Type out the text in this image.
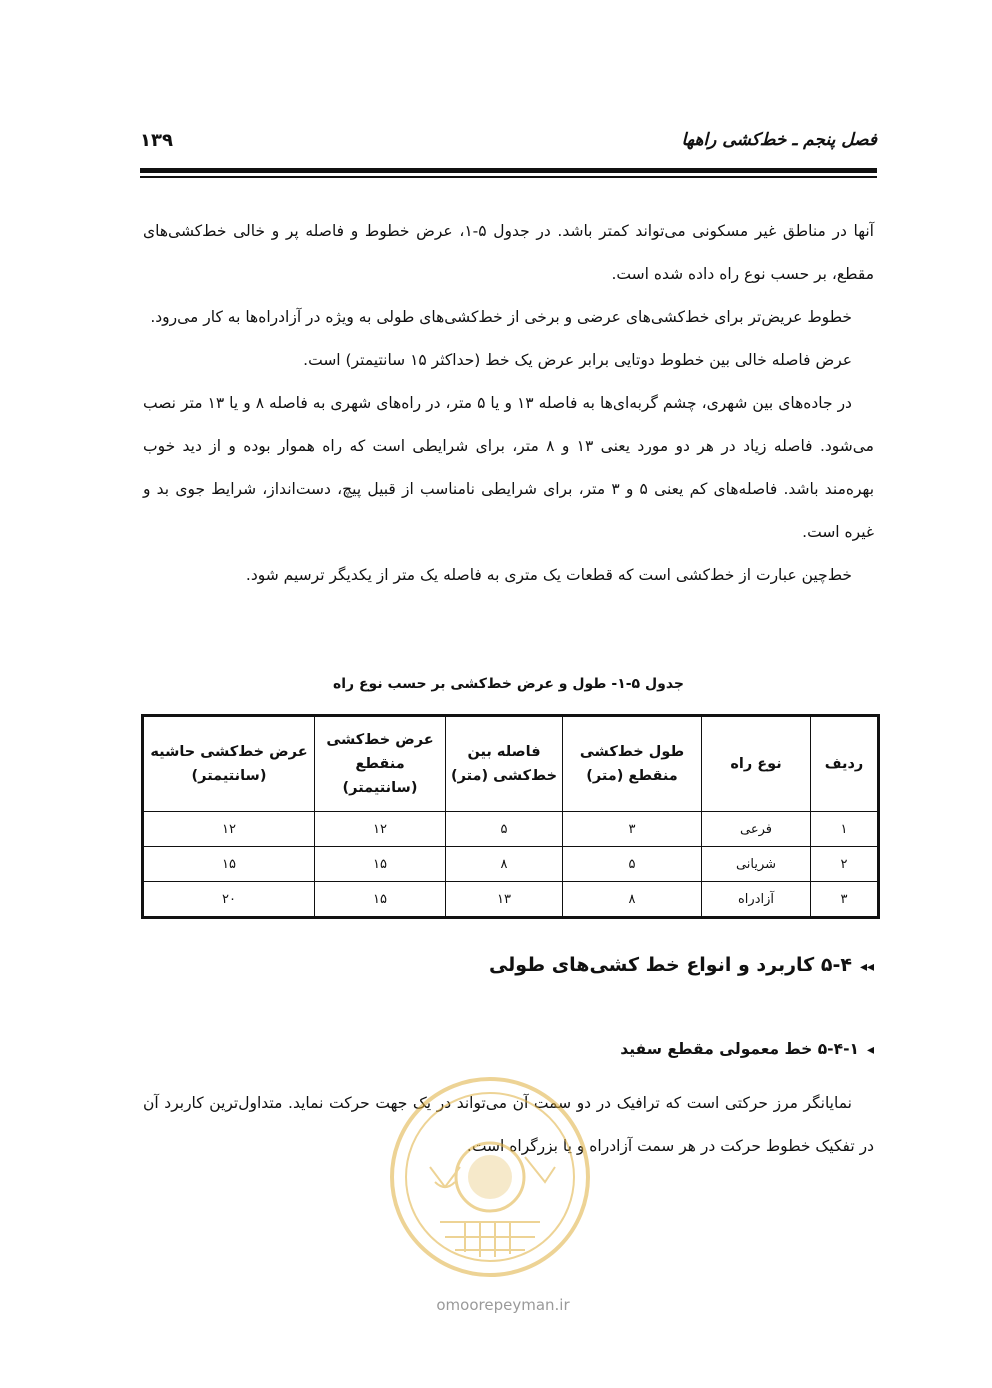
فصل پنجم ـ خط‌کشی راهها
۱۳۹

آنها در مناطق غیر مسکونی می‌تواند کمتر باشد. در جدول ۵-۱، عرض خطوط و فاصله پر و خالی خط‌کشی‌های مقطع، بر حسب نوع راه داده شده است.

خطوط عریض‌تر برای خط‌کشی‌های عرضی و برخی از خط‌کشی‌های طولی به ویژه در آزادراه‌ها به کار می‌رود.

عرض فاصله خالی بین خطوط دوتایی برابر عرض یک خط (حداکثر ۱۵ سانتیمتر) است.

در جاده‌های بین شهری، چشم گربه‌ای‌ها به فاصله ۱۳ و یا ۵ متر، در راه‌های شهری به فاصله ۸ و یا ۱۳ متر نصب می‌شود. فاصله زیاد در هر دو مورد یعنی ۱۳ و ۸ متر، برای شرایطی است که راه هموار بوده و از دید خوب بهره‌مند باشد. فاصله‌های کم یعنی ۵ و ۳ متر، برای شرایطی نامناسب از قبیل پیچ، دست‌انداز، شرایط جوی بد و غیره است.

خط‌چین عبارت از خط‌کشی است که قطعات یک متری به فاصله یک متر از یکدیگر ترسیم شود.

جدول ۵-۱- طول و عرض خط‌کشی بر حسب نوع راه
ردیف	نوع راه	طول خط‌کشی منقطع (متر)	فاصله بین خط‌کشی (متر)	عرض خط‌کشی منقطع (سانتیمتر)	عرض خط‌کشی حاشیه (سانتیمتر)
۱	فرعی	۳	۵	۱۲	۱۲
۲	شریانی	۵	۸	۱۵	۱۵
۳	آزادراه	۸	۱۳	۱۵	۲۰
◂◂۵-۴ کاربرد و انواع خط کشی‌های طولی
◂۵-۴-۱ خط معمولی مقطع سفید

نمایانگر مرز حرکتی است که ترافیک در دو سمت آن می‌تواند در یک جهت حرکت نماید. متداول‌ترین کاربرد آن در تفکیک خطوط حرکت در هر سمت آزادراه و یا بزرگراه است.

omoorepeyman.ir
